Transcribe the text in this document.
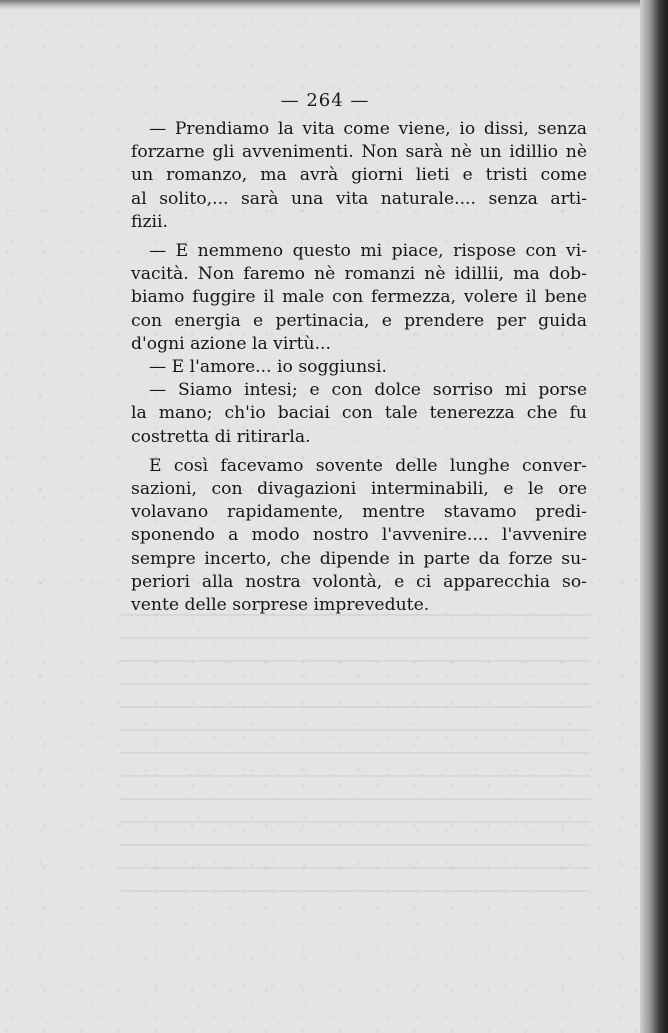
— 264 —
— Prendiamo la vita come viene, io dissi, senza
forzarne gli avvenimenti. Non sarà nè un idillio nè
un romanzo, ma avrà giorni lieti e tristi come
al solito,... sarà una vita naturale.... senza arti-
fizii.
— E nemmeno questo mi piace, rispose con vi-
vacità. Non faremo nè romanzi nè idillii, ma dob-
biamo fuggire il male con fermezza, volere il bene
con energia e pertinacia, e prendere per guida
d'ogni azione la virtù...
— E l'amore... io soggiunsi.
— Siamo intesi; e con dolce sorriso mi porse
la mano; ch'io baciai con tale tenerezza che fu
costretta di ritirarla.
E così facevamo sovente delle lunghe conver-
sazioni, con divagazioni interminabili, e le ore
volavano rapidamente, mentre stavamo predi-
sponendo a modo nostro l'avvenire.... l'avvenire
sempre incerto, che dipende in parte da forze su-
periori alla nostra volontà, e ci apparecchia so-
vente delle sorprese imprevedute.
